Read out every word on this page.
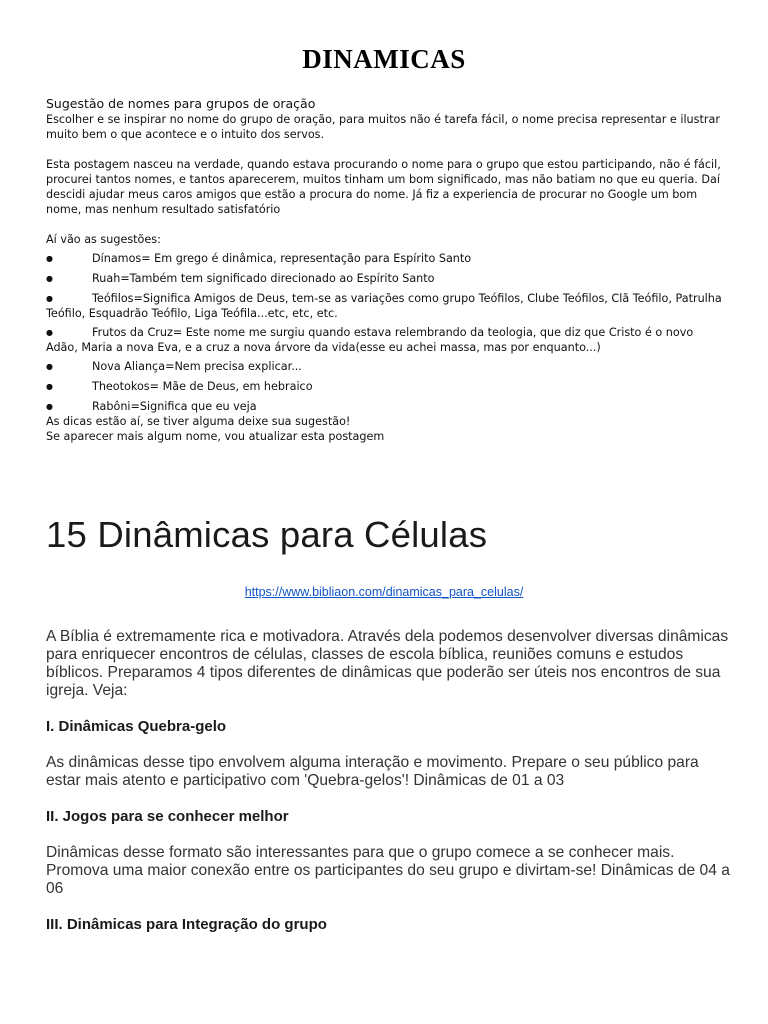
DINAMICAS

Sugestão de nomes para grupos de oração

Escolher e se inspirar no nome do grupo de oração, para muitos não é tarefa fácil, o nome precisa representar e ilustrar muito bem o que acontece e o intuito dos servos.

Esta postagem nasceu na verdade, quando estava procurando o nome para o grupo que estou participando, não é fácil, procurei tantos nomes, e tantos aparecerem, muitos tinham um bom significado, mas não batiam no que eu queria. Daí descidi ajudar meus caros amigos que estão a procura do nome. Já fiz a experiencia de procurar no Google um bom nome, mas nenhum resultado satisfatório

Aí vão as sugestões:

●	Dínamos= Em grego é dinâmica, representação para Espírito Santo
●	Ruah=Também tem significado direcionado ao Espírito Santo
●	Teófilos=Significa Amigos de Deus, tem-se as variações como grupo Teófilos, Clube Teófilos, Clã Teófilo, Patrulha Teófilo, Esquadrão Teófilo, Liga Teófila...etc, etc, etc.
●	Frutos da Cruz= Este nome me surgiu quando estava relembrando da teologia, que diz que Cristo é o novo Adão, Maria a nova Eva, e a cruz a nova árvore da vida(esse eu achei massa, mas por enquanto...)
●	Nova Aliança=Nem precisa explicar...
●	Theotokos= Mãe de Deus, em hebraico
●	Rabôni=Significa que eu veja

As dicas estão aí, se tiver alguma deixe sua sugestão!

Se aparecer mais algum nome, vou atualizar esta postagem

15 Dinâmicas para Células
https://www.bibliaon.com/dinamicas_para_celulas/

A Bíblia é extremamente rica e motivadora. Através dela podemos desenvolver diversas dinâmicas para enriquecer encontros de células, classes de escola bíblica, reuniões comuns e estudos bíblicos. Preparamos 4 tipos diferentes de dinâmicas que poderão ser úteis nos encontros de sua igreja. Veja:

I. Dinâmicas Quebra-gelo

As dinâmicas desse tipo envolvem alguma interação e movimento. Prepare o seu público para estar mais atento e participativo com 'Quebra-gelos'! Dinâmicas de 01 a 03

II. Jogos para se conhecer melhor

Dinâmicas desse formato são interessantes para que o grupo comece a se conhecer mais. Promova uma maior conexão entre os participantes do seu grupo e divirtam-se! Dinâmicas de 04 a 06

III. Dinâmicas para Integração do grupo
